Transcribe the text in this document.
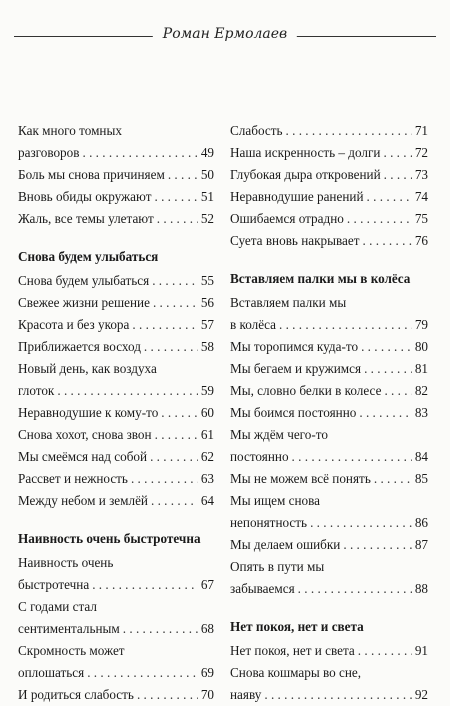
Роман Ермолаев
Как много томных
разговоров . . .	49
Боль мы снова причиняем . . .	50
Вновь обиды окружают . . .	51
Жаль, все темы улетают . . .	52
Снова будем улыбаться
Снова будем улыбаться . . .	55
Свежее жизни решение . . .	56
Красота и без укора . . .	57
Приближается восход . . .	58
Новый день, как воздуха
глоток . . .	59
Неравнодушие к кому-то . . .	60
Снова хохот, снова звон . . .	61
Мы смеёмся над собой . . .	62
Рассвет и нежность . . .	63
Между небом и землёй . . .	64
Наивность очень быстротечна
Наивность очень
быстротечна . . .	67
С годами стал
сентиментальным . . .	68
Скромность может
оплошаться . . .	69
И родиться слабость . . .	70
Слабость . . .	71
Наша искренность – долги . . .	72
Глубокая дыра откровений . . .	73
Неравнодушие ранений . . .	74
Ошибаемся отрадно . . .	75
Суета вновь накрывает . . .	76
Вставляем палки мы в колёса
Вставляем палки мы
в колёса . . .	79
Мы торопимся куда-то . . .	80
Мы бегаем и кружимся . . .	81
Мы, словно белки в колесе . . .	82
Мы боимся постоянно . . .	83
Мы ждём чего-то
постоянно . . .	84
Мы не можем всё понять . . .	85
Мы ищем снова
непонятность . . .	86
Мы делаем ошибки . . .	87
Опять в пути мы
забываемся . . .	88
Нет покоя, нет и света
Нет покоя, нет и света . . .	91
Снова кошмары во сне,
наяву . . .	92
